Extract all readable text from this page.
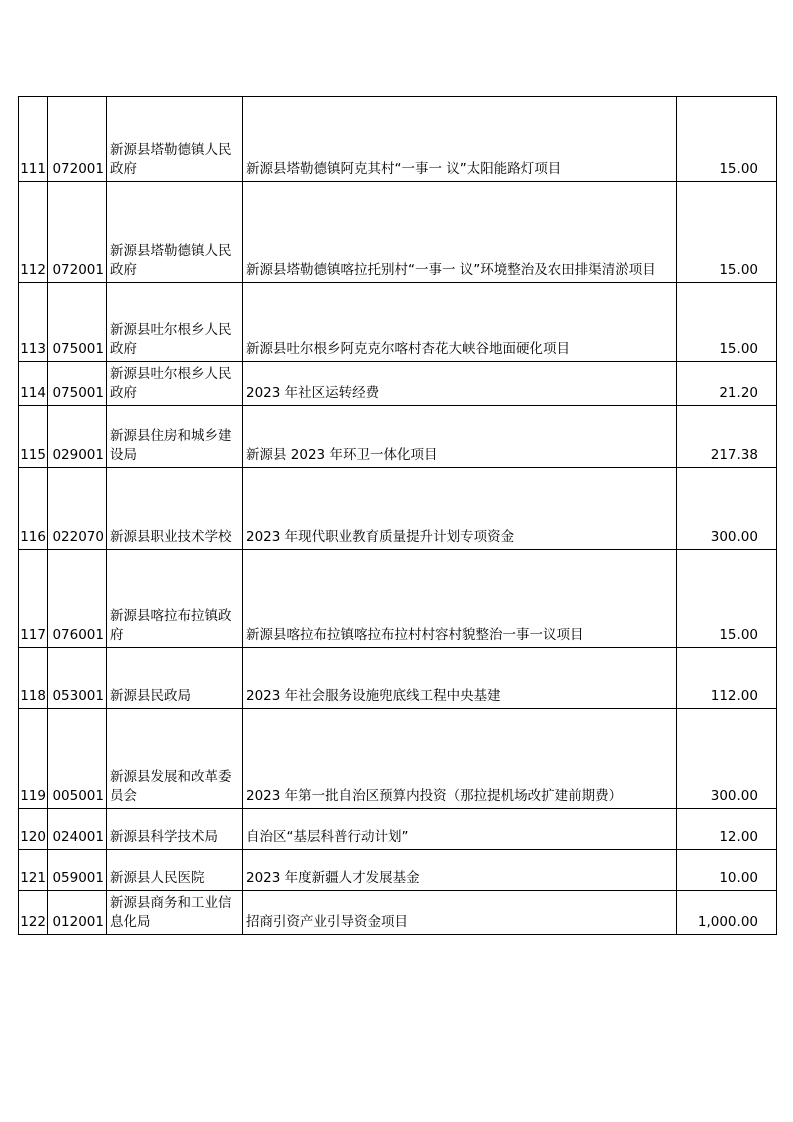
111	072001	新源县塔勒德镇人民政府	新源县塔勒德镇阿克其村“一事一 议”太阳能路灯项目	15.00
112	072001	新源县塔勒德镇人民政府	新源县塔勒德镇喀拉托别村“一事一 议”环境整治及农田排渠清淤项目	15.00
113	075001	新源县吐尔根乡人民政府	新源县吐尔根乡阿克克尔喀村杏花大峡谷地面硬化项目	15.00
114	075001	新源县吐尔根乡人民政府	2023 年社区运转经费	21.20
115	029001	新源县住房和城乡建设局	新源县 2023 年环卫一体化项目	217.38
116	022070	新源县职业技术学校	2023 年现代职业教育质量提升计划专项资金	300.00
117	076001	新源县喀拉布拉镇政府	新源县喀拉布拉镇喀拉布拉村村容村貌整治一事一议项目	15.00
118	053001	新源县民政局	2023 年社会服务设施兜底线工程中央基建	112.00
119	005001	新源县发展和改革委员会	2023 年第一批自治区预算内投资（那拉提机场改扩建前期费）	300.00
120	024001	新源县科学技术局	自治区“基层科普行动计划”	12.00
121	059001	新源县人民医院	2023 年度新疆人才发展基金	10.00
122	012001	新源县商务和工业信息化局	招商引资产业引导资金项目	1,000.00
